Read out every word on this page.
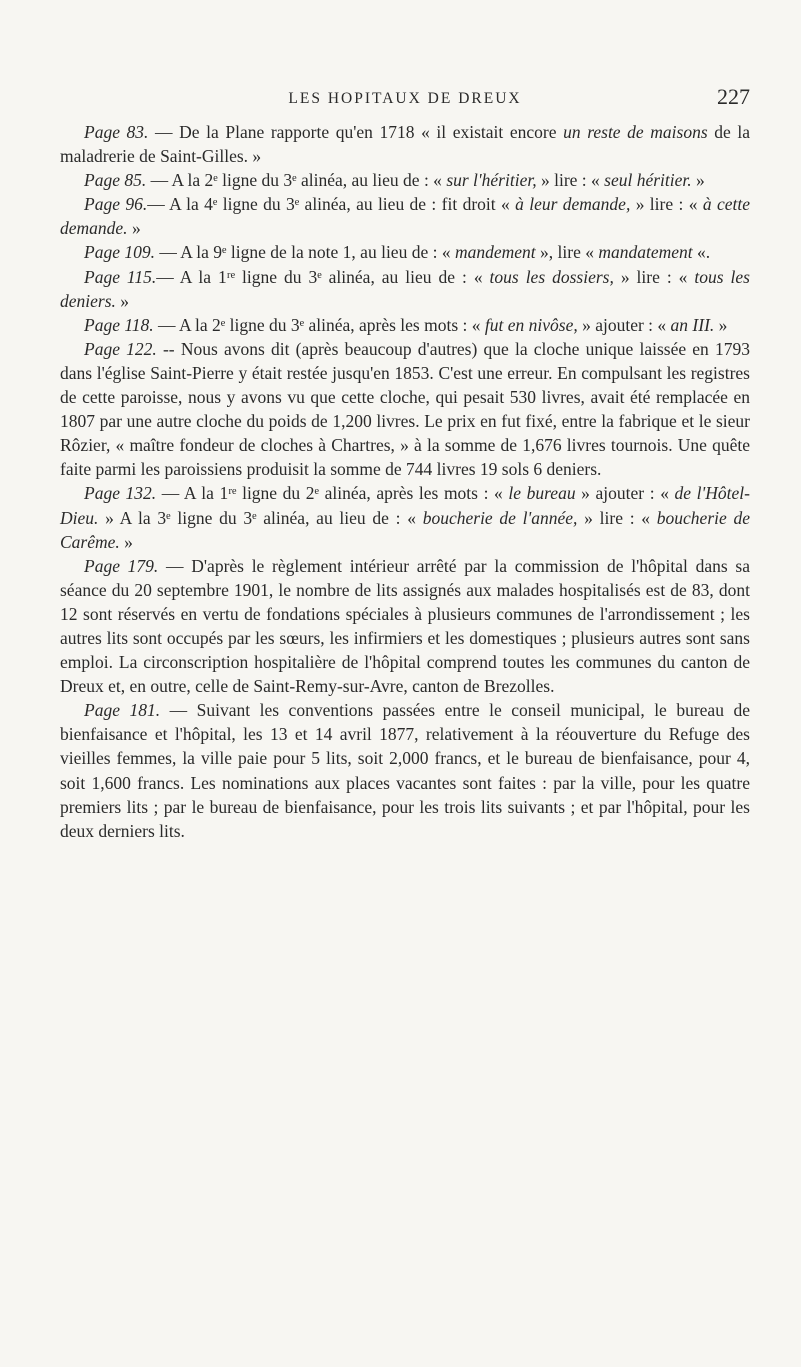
LES HOPITAUX DE DREUX	227

Page 83. — De la Plane rapporte qu'en 1718 « il existait encore un reste de maisons de la maladrerie de Saint-Gilles. »

Page 85. — A la 2ᵉ ligne du 3ᵉ alinéa, au lieu de : « sur l'héritier, » lire : « seul héritier. »

Page 96.— A la 4ᵉ ligne du 3ᵉ alinéa, au lieu de : fit droit « à leur demande, » lire : « à cette demande. »

Page 109. — A la 9ᵉ ligne de la note 1, au lieu de : « mandement », lire « mandatement «.

Page 115.— A la 1ʳᵉ ligne du 3ᵉ alinéa, au lieu de : « tous les dossiers, » lire : « tous les deniers. »

Page 118. — A la 2ᵉ ligne du 3ᵉ alinéa, après les mots : « fut en nivôse, » ajouter : « an III. »

Page 122. -- Nous avons dit (après beaucoup d'autres) que la cloche unique laissée en 1793 dans l'église Saint-Pierre y était restée jusqu'en 1853. C'est une erreur. En compulsant les registres de cette paroisse, nous y avons vu que cette cloche, qui pesait 530 livres, avait été remplacée en 1807 par une autre cloche du poids de 1,200 livres. Le prix en fut fixé, entre la fabrique et le sieur Rôzier, « maître fondeur de cloches à Chartres, » à la somme de 1,676 livres tournois. Une quête faite parmi les paroissiens produisit la somme de 744 livres 19 sols 6 deniers.

Page 132. — A la 1ʳᵉ ligne du 2ᵉ alinéa, après les mots : « le bureau » ajouter : « de l'Hôtel-Dieu. » A la 3ᵉ ligne du 3ᵉ alinéa, au lieu de : « boucherie de l'année, » lire : « boucherie de Carême. »

Page 179. — D'après le règlement intérieur arrêté par la commission de l'hôpital dans sa séance du 20 septembre 1901, le nombre de lits assignés aux malades hospitalisés est de 83, dont 12 sont réservés en vertu de fondations spéciales à plusieurs communes de l'arrondissement ; les autres lits sont occupés par les sœurs, les infirmiers et les domestiques ; plusieurs autres sont sans emploi. La circonscription hospitalière de l'hôpital comprend toutes les communes du canton de Dreux et, en outre, celle de Saint-Remy-sur-Avre, canton de Brezolles.

Page 181. — Suivant les conventions passées entre le conseil municipal, le bureau de bienfaisance et l'hôpital, les 13 et 14 avril 1877, relativement à la réouverture du Refuge des vieilles femmes, la ville paie pour 5 lits, soit 2,000 francs, et le bureau de bienfaisance, pour 4, soit 1,600 francs. Les nominations aux places vacantes sont faites : par la ville, pour les quatre premiers lits ; par le bureau de bienfaisance, pour les trois lits suivants ; et par l'hôpital, pour les deux derniers lits.
